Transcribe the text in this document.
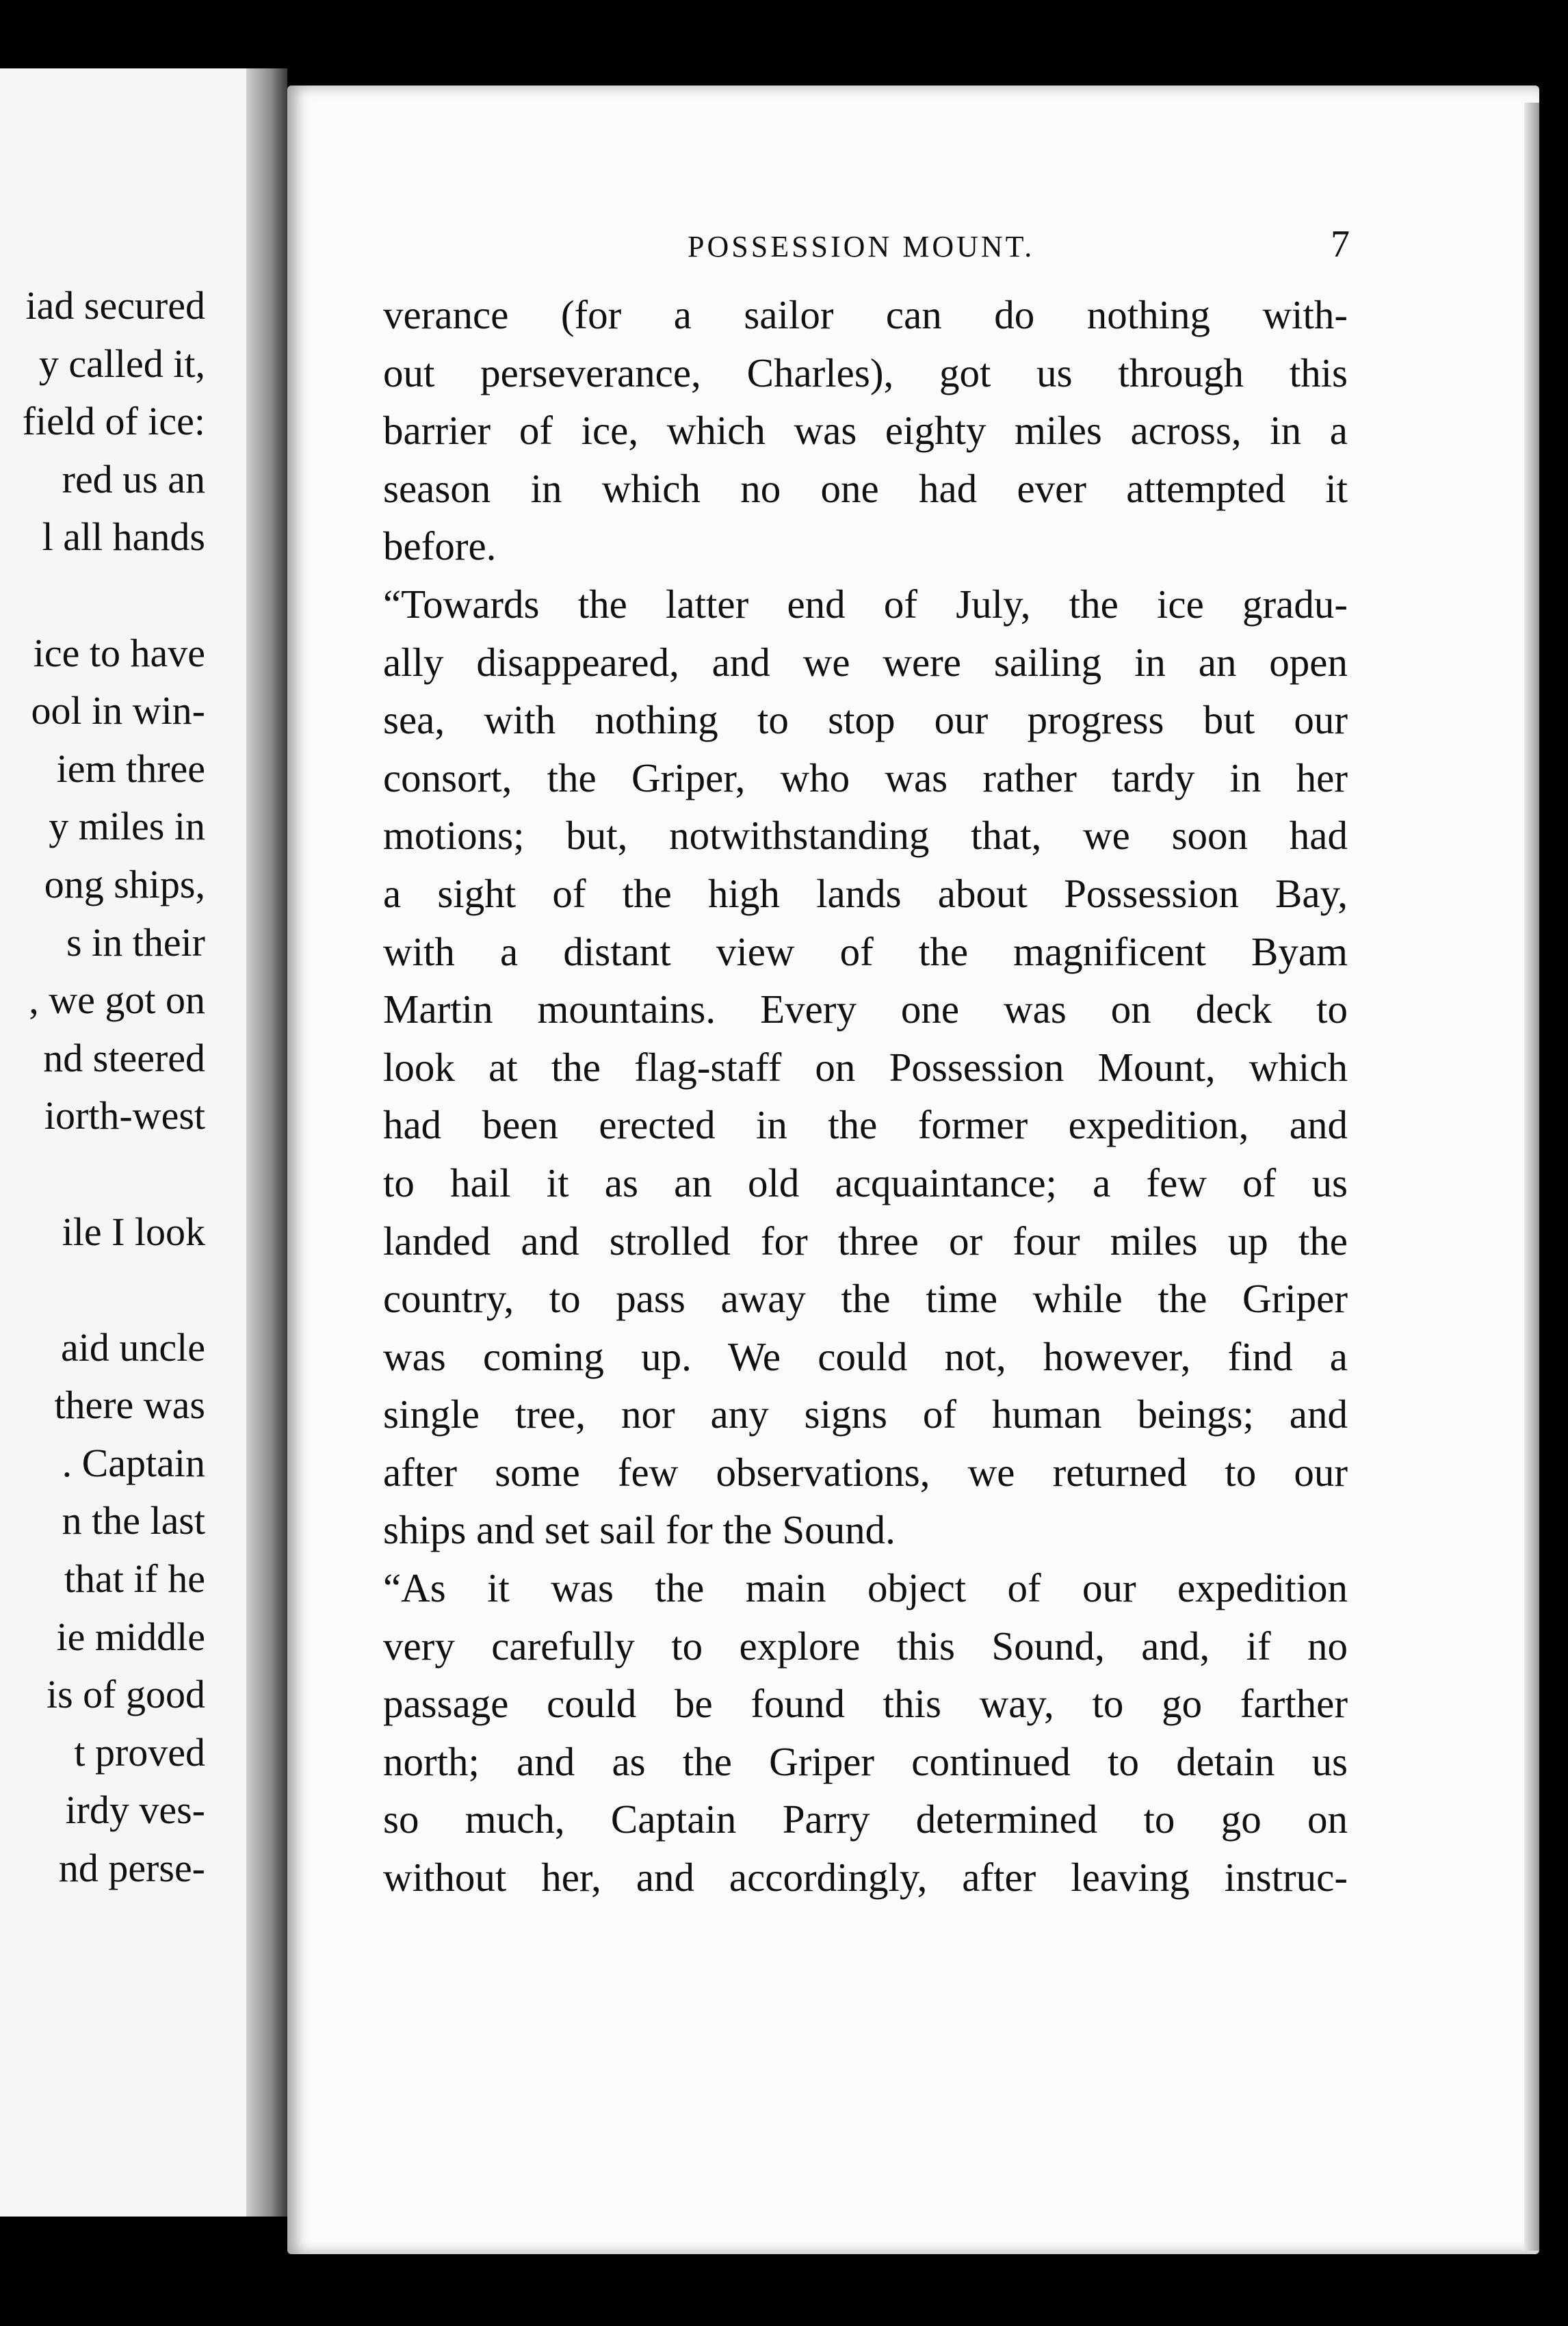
iad secured
y called it,
field of ice:
red us an
l all hands
ice to have
ool in win-
iem three
y miles in
ong ships,
s in their
, we got on
nd steered
iorth-west
ile I look
aid uncle
there was
. Captain
n the last
that if he
ie middle
is of good
t proved
irdy ves-
nd perse-
POSSESSION MOUNT.	7
verance (for a sailor can do nothing with-
out perseverance, Charles), got us through this
barrier of ice, which was eighty miles across, in a
season in which no one had ever attempted it
before.
“Towards the latter end of July, the ice gradu-
ally disappeared, and we were sailing in an open
sea, with nothing to stop our progress but our
consort, the Griper, who was rather tardy in her
motions; but, notwithstanding that, we soon had
a sight of the high lands about Possession Bay,
with a distant view of the magnificent Byam
Martin mountains. Every one was on deck to
look at the flag-staff on Possession Mount, which
had been erected in the former expedition, and
to hail it as an old acquaintance; a few of us
landed and strolled for three or four miles up the
country, to pass away the time while the Griper
was coming up. We could not, however, find a
single tree, nor any signs of human beings; and
after some few observations, we returned to our
ships and set sail for the Sound.
“As it was the main object of our expedition
very carefully to explore this Sound, and, if no
passage could be found this way, to go farther
north; and as the Griper continued to detain us
so much, Captain Parry determined to go on
without her, and accordingly, after leaving instruc-
